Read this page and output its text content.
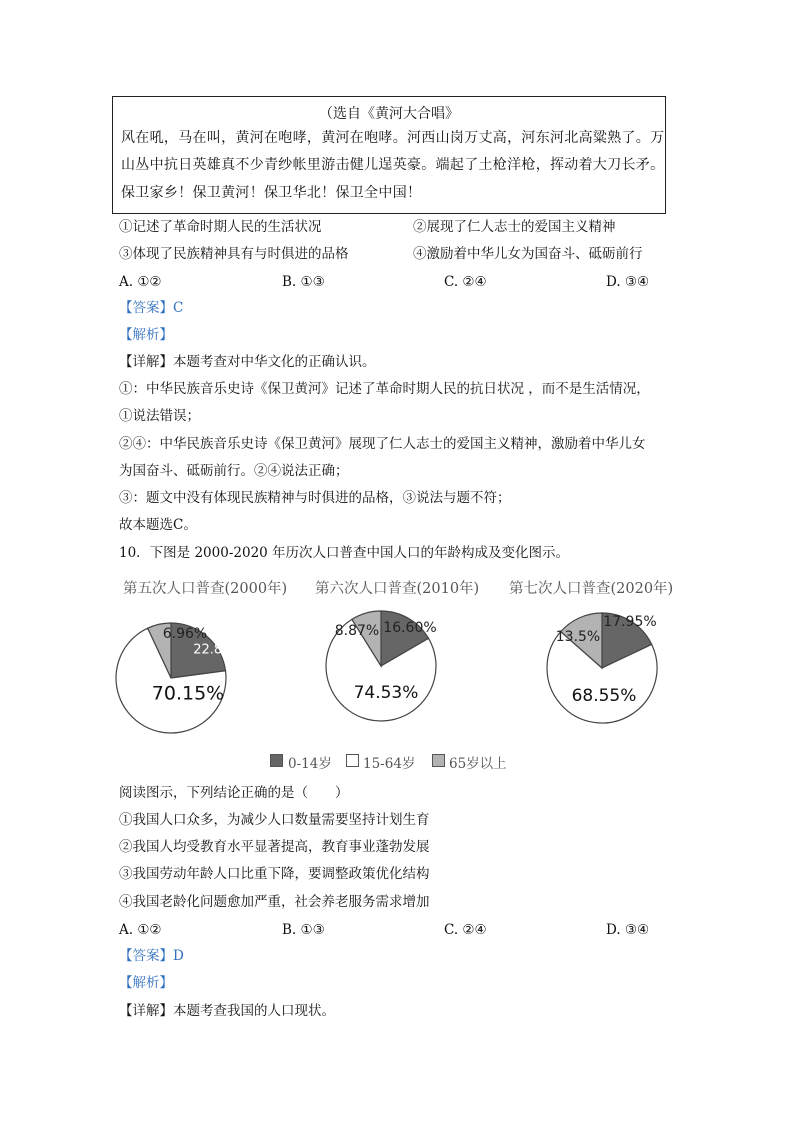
（选自《黄河大合唱》
风在吼，马在叫，黄河在咆哮，黄河在咆哮。河西山岗万丈高，河东河北高粱熟了。万
山丛中抗日英雄真不少青纱帐里游击健儿逞英豪。端起了土枪洋枪，挥动着大刀长矛。
保卫家乡！保卫黄河！保卫华北！保卫全中国！
①记述了革命时期人民的生活状况	②展现了仁人志士的爱国主义精神
③体现了民族精神具有与时俱进的品格	④激励着中华儿女为国奋斗、砥砺前行
A. ①②	B. ①③	C. ②④	D. ③④
【答案】C
【解析】
【详解】本题考查对中华文化的正确认识。
①：中华民族音乐史诗《保卫黄河》记述了革命时期人民的抗日状况 ，而不是生活情况，
①说法错误；
②④：中华民族音乐史诗《保卫黄河》展现了仁人志士的爱国主义精神，激励着中华儿女
为国奋斗、砥砺前行。②④说法正确；
③：题文中没有体现民族精神与时俱进的品格，③说法与题不符；
故本题选C。
10．下图是 2000-2020 年历次人口普查中国人口的年龄构成及变化图示。
第五次人口普查(2000年) 第六次人口普查(2010年) 第七次人口普查(2020年)
22.89%
70.15%
6.96%	16.60%
74.53%
8.87%
17.95%
68.55%
13.5%
0-14岁 15-64岁 65岁以上
阅读图示，下列结论正确的是（　　）
①我国人口众多，为减少人口数量需要坚持计划生育
②我国人均受教育水平显著提高，教育事业蓬勃发展
③我国劳动年龄人口比重下降，要调整政策优化结构
④我国老龄化问题愈加严重，社会养老服务需求增加
A. ①②	B. ①③	C. ②④	D. ③④
【答案】D
【解析】
【详解】本题考查我国的人口现状。
